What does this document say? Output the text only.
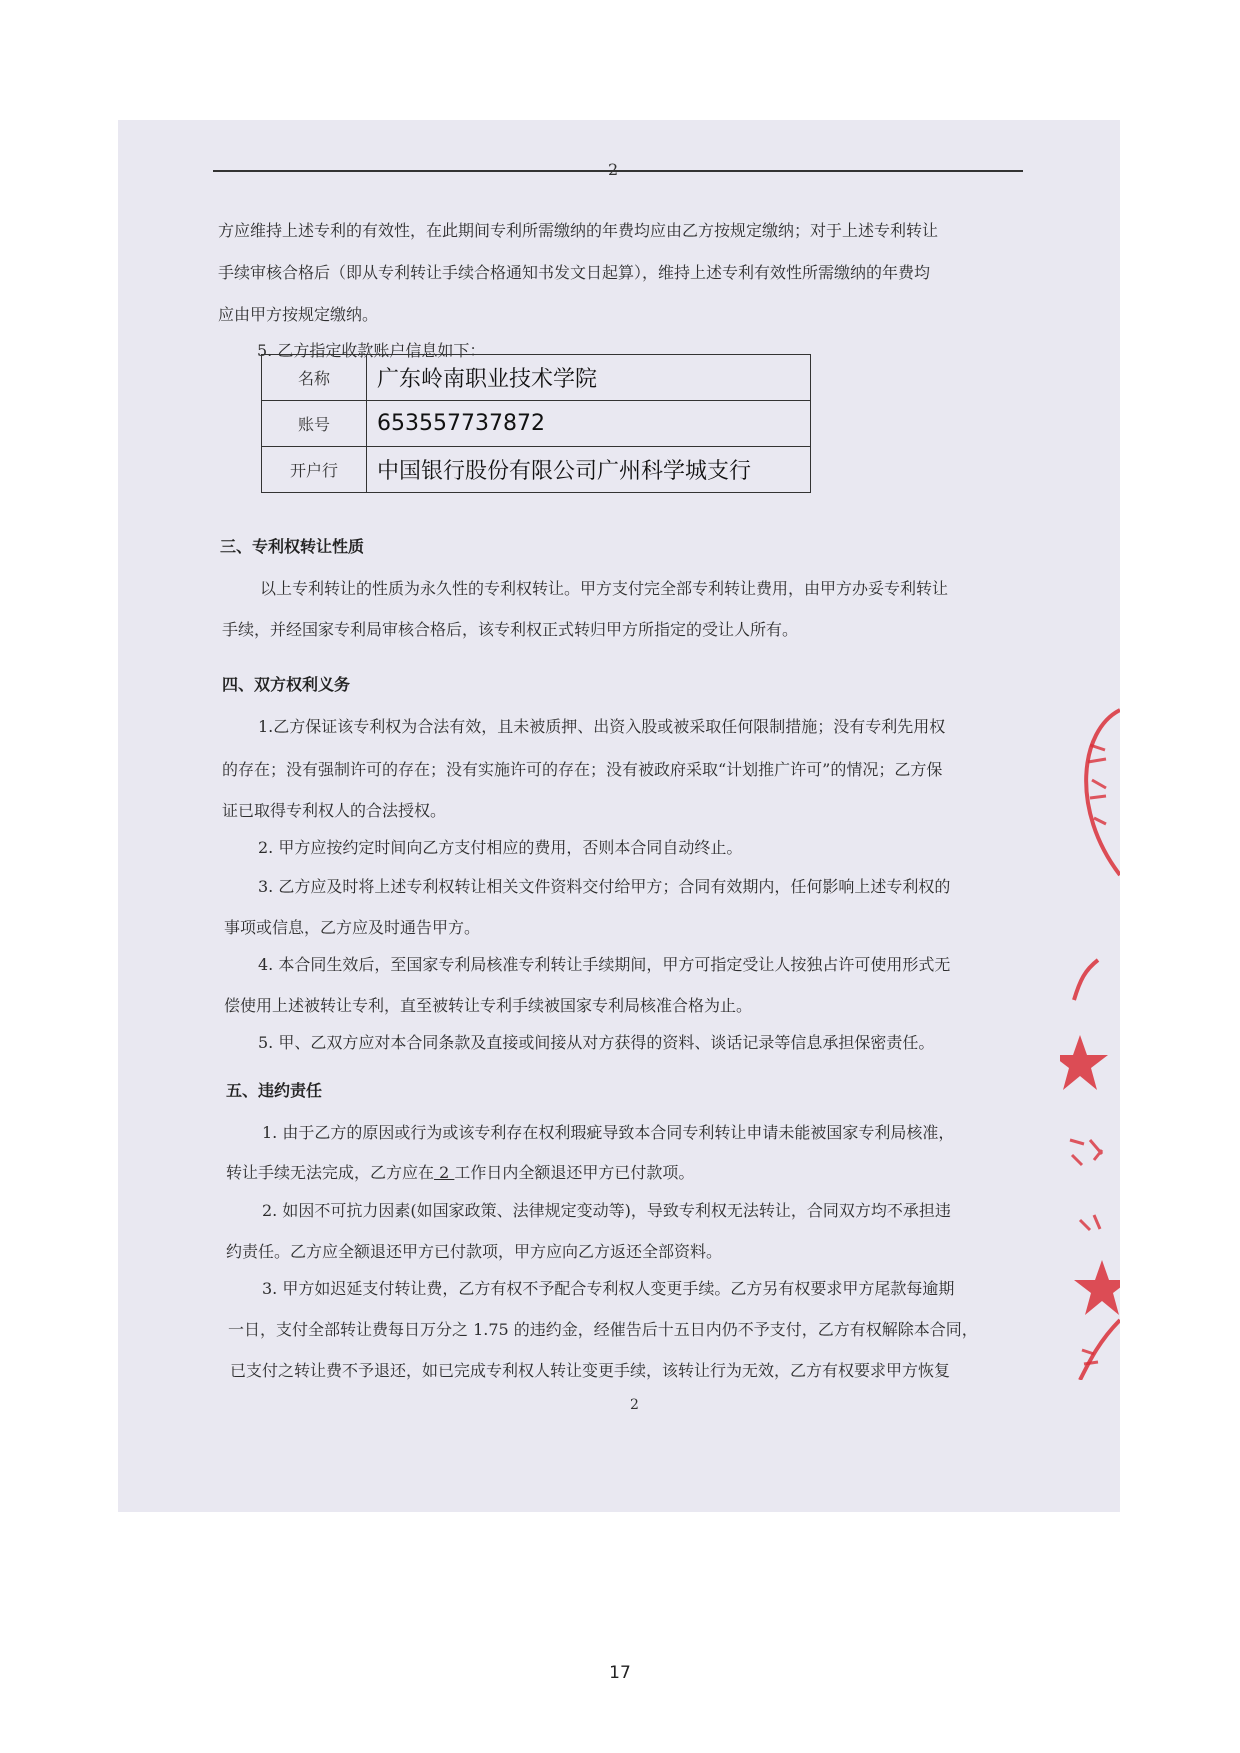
2
方应维持上述专利的有效性，在此期间专利所需缴纳的年费均应由乙方按规定缴纳；对于上述专利转让
手续审核合格后（即从专利转让手续合格通知书发文日起算），维持上述专利有效性所需缴纳的年费均
应由甲方按规定缴纳。
5. 乙方指定收款账户信息如下：
名称	广东岭南职业技术学院
账号	653557737872
开户行	中国银行股份有限公司广州科学城支行
三、专利权转让性质
以上专利转让的性质为永久性的专利权转让。甲方支付完全部专利转让费用，由甲方办妥专利转让
手续，并经国家专利局审核合格后，该专利权正式转归甲方所指定的受让人所有。
四、双方权利义务
1.乙方保证该专利权为合法有效，且未被质押、出资入股或被采取任何限制措施；没有专利先用权
的存在；没有强制许可的存在；没有实施许可的存在；没有被政府采取“计划推广许可”的情况；乙方保
证已取得专利权人的合法授权。
2. 甲方应按约定时间向乙方支付相应的费用，否则本合同自动终止。
3. 乙方应及时将上述专利权转让相关文件资料交付给甲方；合同有效期内，任何影响上述专利权的
事项或信息，乙方应及时通告甲方。
4. 本合同生效后，至国家专利局核准专利转让手续期间，甲方可指定受让人按独占许可使用形式无
偿使用上述被转让专利，直至被转让专利手续被国家专利局核准合格为止。
5. 甲、乙双方应对本合同条款及直接或间接从对方获得的资料、谈话记录等信息承担保密责任。
五、违约责任
1. 由于乙方的原因或行为或该专利存在权利瑕疵导致本合同专利转让申请未能被国家专利局核准，
转让手续无法完成，乙方应在 2 工作日内全额退还甲方已付款项。
2. 如因不可抗力因素(如国家政策、法律规定变动等)，导致专利权无法转让，合同双方均不承担违
约责任。乙方应全额退还甲方已付款项，甲方应向乙方返还全部资料。
3. 甲方如迟延支付转让费，乙方有权不予配合专利权人变更手续。乙方另有权要求甲方尾款每逾期
一日，支付全部转让费每日万分之 1.75 的违约金，经催告后十五日内仍不予支付，乙方有权解除本合同，
已支付之转让费不予退还，如已完成专利权人转让变更手续，该转让行为无效，乙方有权要求甲方恢复
2
17
